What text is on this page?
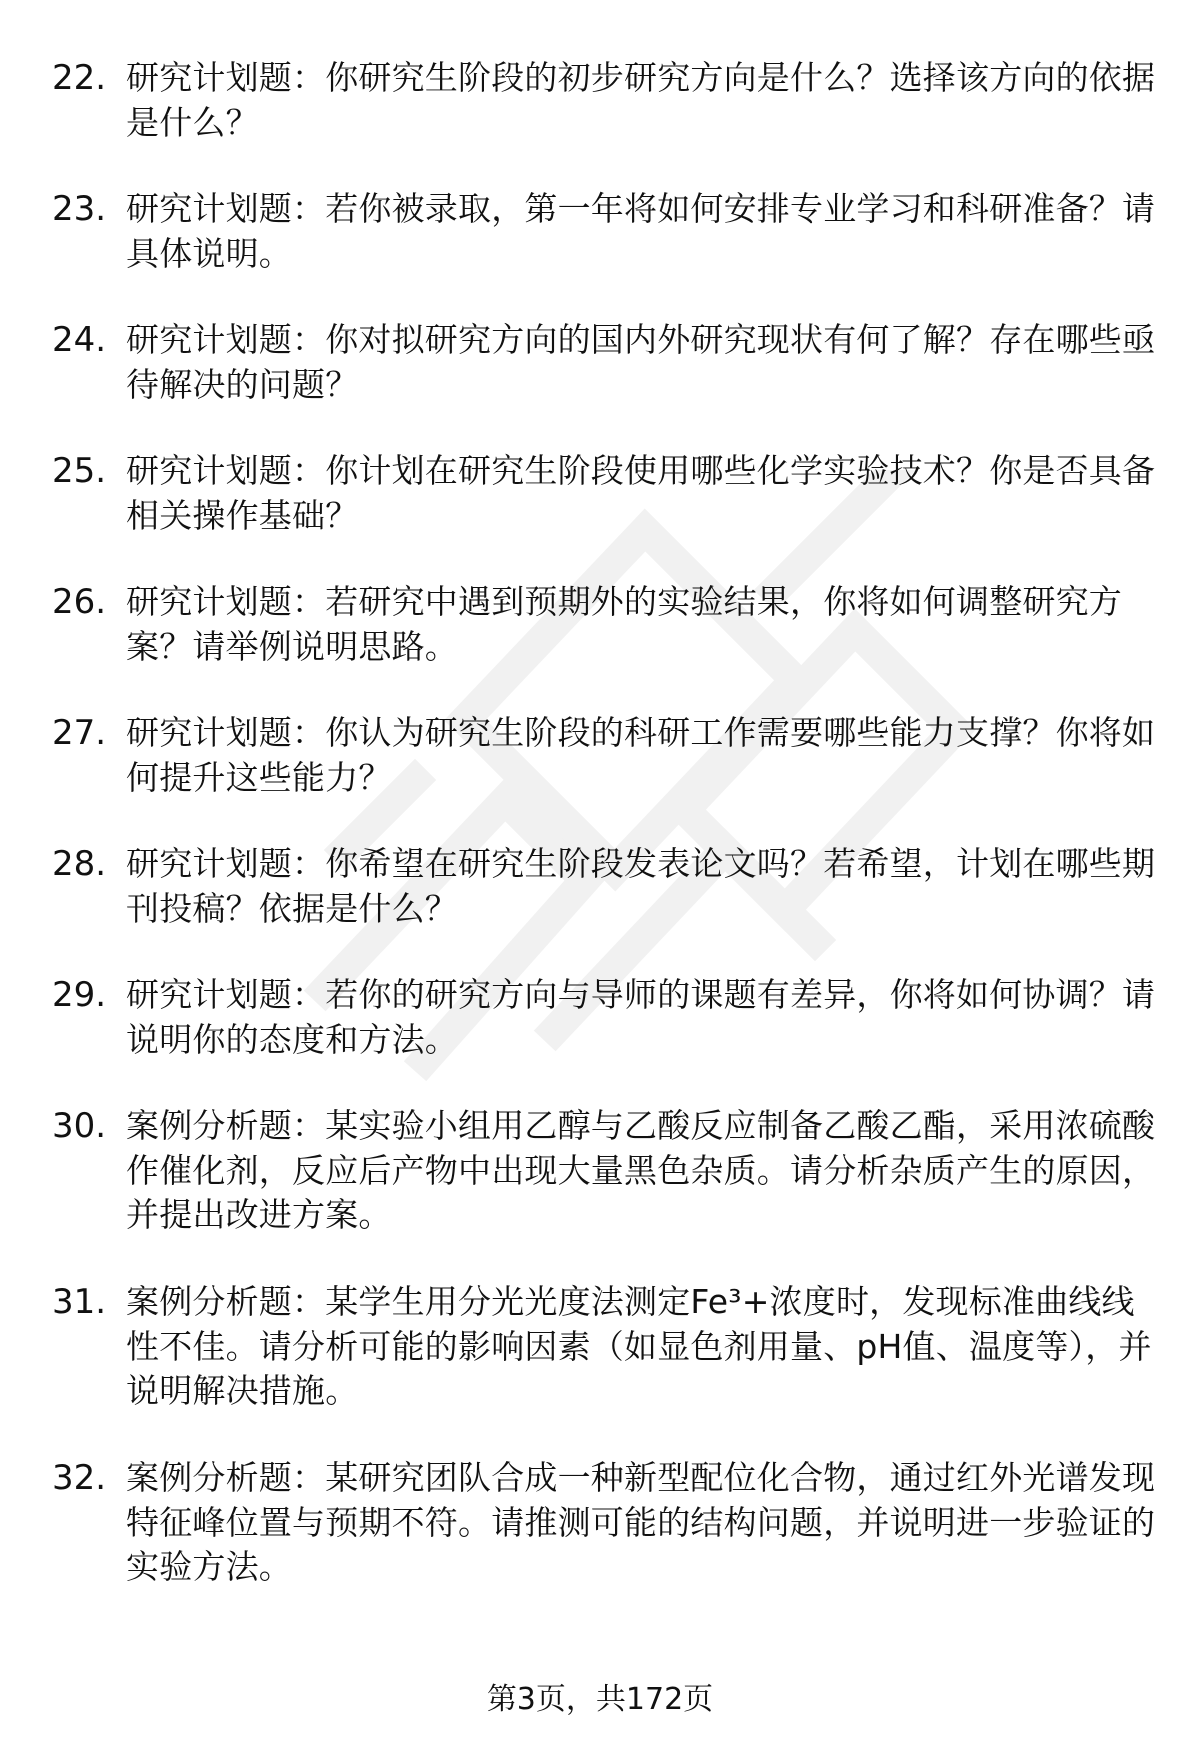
22. 研究计划题：你研究生阶段的初步研究方向是什么？选择该方向的依据是什么？
23. 研究计划题：若你被录取，第一年将如何安排专业学习和科研准备？请具体说明。
24. 研究计划题：你对拟研究方向的国内外研究现状有何了解？存在哪些亟待解决的问题？
25. 研究计划题：你计划在研究生阶段使用哪些化学实验技术？你是否具备相关操作基础？
26. 研究计划题：若研究中遇到预期外的实验结果，你将如何调整研究方案？请举例说明思路。
27. 研究计划题：你认为研究生阶段的科研工作需要哪些能力支撑？你将如何提升这些能力？
28. 研究计划题：你希望在研究生阶段发表论文吗？若希望，计划在哪些期刊投稿？依据是什么？
29. 研究计划题：若你的研究方向与导师的课题有差异，你将如何协调？请说明你的态度和方法。
30. 案例分析题：某实验小组用乙醇与乙酸反应制备乙酸乙酯，采用浓硫酸作催化剂，反应后产物中出现大量黑色杂质。请分析杂质产生的原因，并提出改进方案。
31. 案例分析题：某学生用分光光度法测定Fe³+浓度时，发现标准曲线线性不佳。请分析可能的影响因素（如显色剂用量、pH值、温度等），并说明解决措施。
32. 案例分析题：某研究团队合成一种新型配位化合物，通过红外光谱发现特征峰位置与预期不符。请推测可能的结构问题，并说明进一步验证的实验方法。
第3页，共172页
